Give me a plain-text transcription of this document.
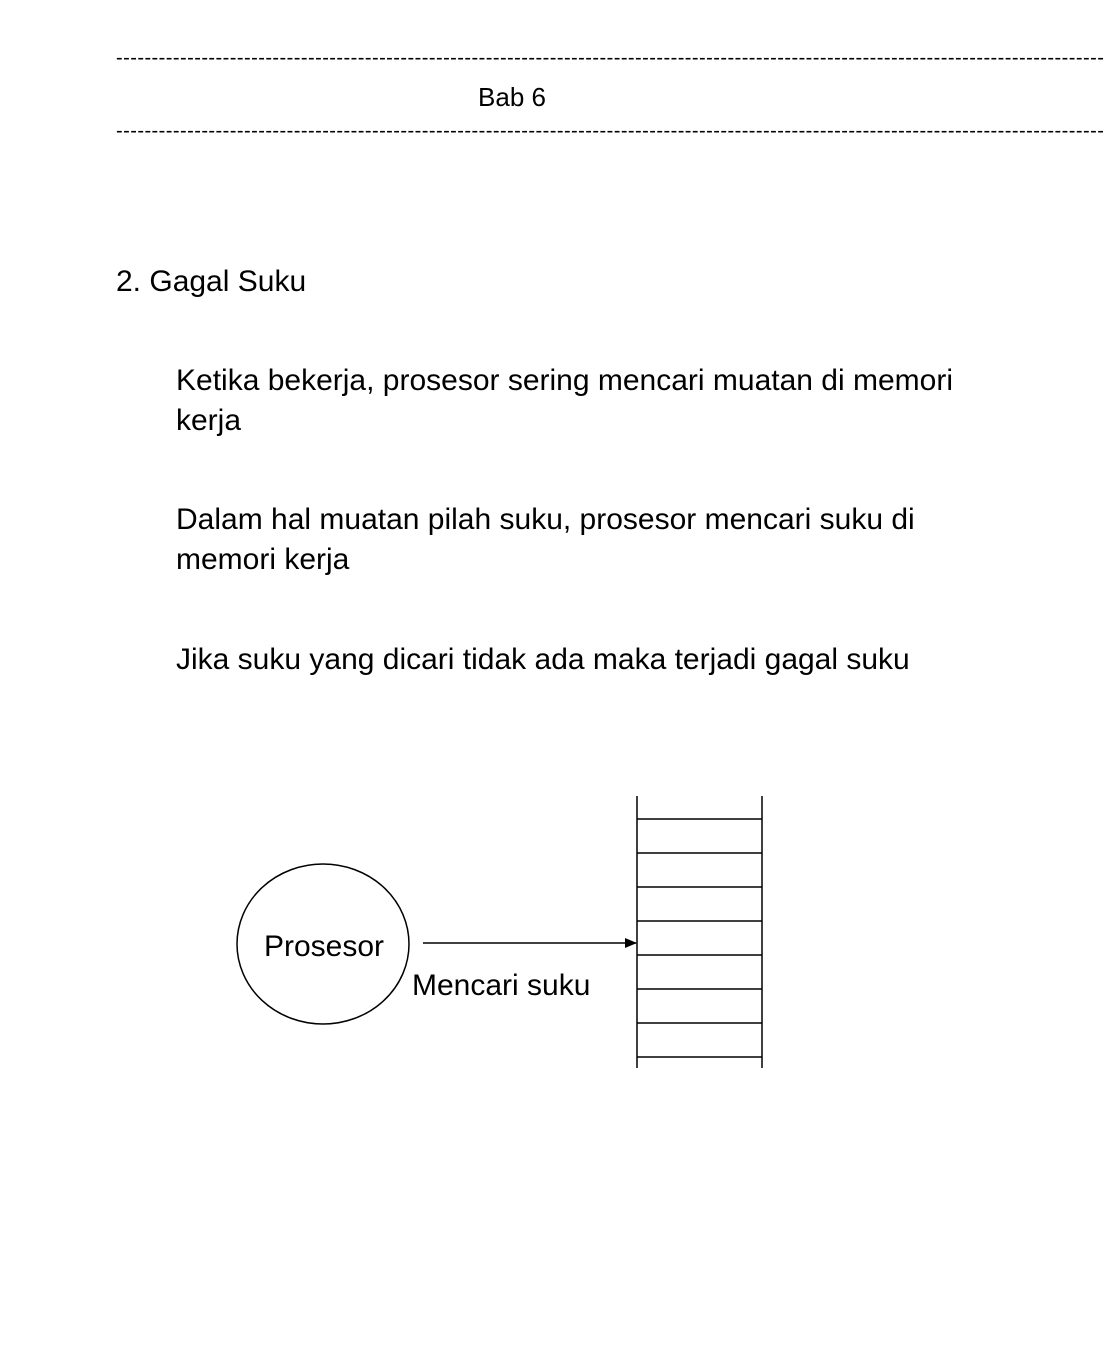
-------------------------------------------------------------------------------------------------------------------------------------------
Bab 6
-------------------------------------------------------------------------------------------------------------------------------------------
2. Gagal Suku
Ketika bekerja, prosesor sering mencari muatan di memori kerja
Dalam hal muatan pilah suku, prosesor mencari suku di memori kerja
Jika suku yang dicari tidak ada maka terjadi gagal suku
Prosesor
Mencari suku
